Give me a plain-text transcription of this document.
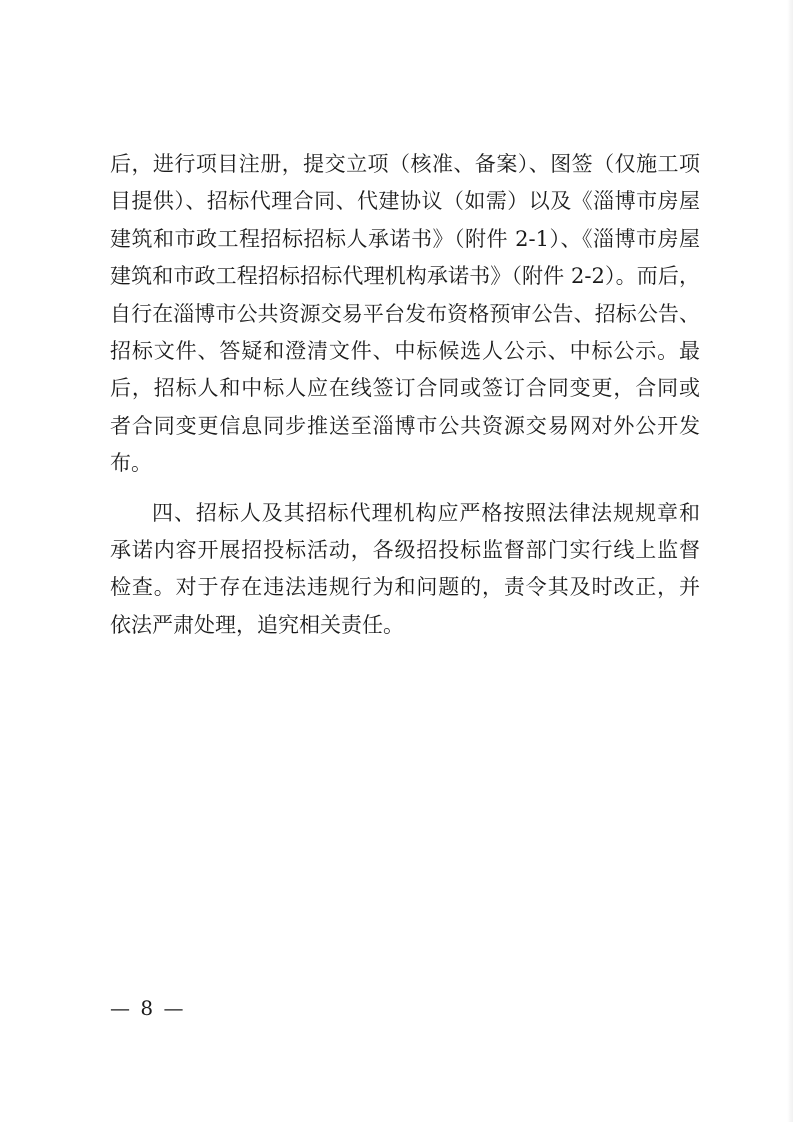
后，进行项目注册，提交立项（核准、备案）、图签（仅施工项
目提供）、招标代理合同、代建协议（如需）以及《淄博市房屋
建筑和市政工程招标招标人承诺书》（附件 2-1）、《淄博市房屋
建筑和市政工程招标招标代理机构承诺书》（附件 2-2）。而后，
自行在淄博市公共资源交易平台发布资格预审公告、招标公告、
招标文件、答疑和澄清文件、中标候选人公示、中标公示。最
后，招标人和中标人应在线签订合同或签订合同变更，合同或
者合同变更信息同步推送至淄博市公共资源交易网对外公开发
布。
四、招标人及其招标代理机构应严格按照法律法规规章和
承诺内容开展招投标活动，各级招投标监督部门实行线上监督
检查。对于存在违法违规行为和问题的，责令其及时改正，并
依法严肃处理，追究相关责任。
— 8 —
